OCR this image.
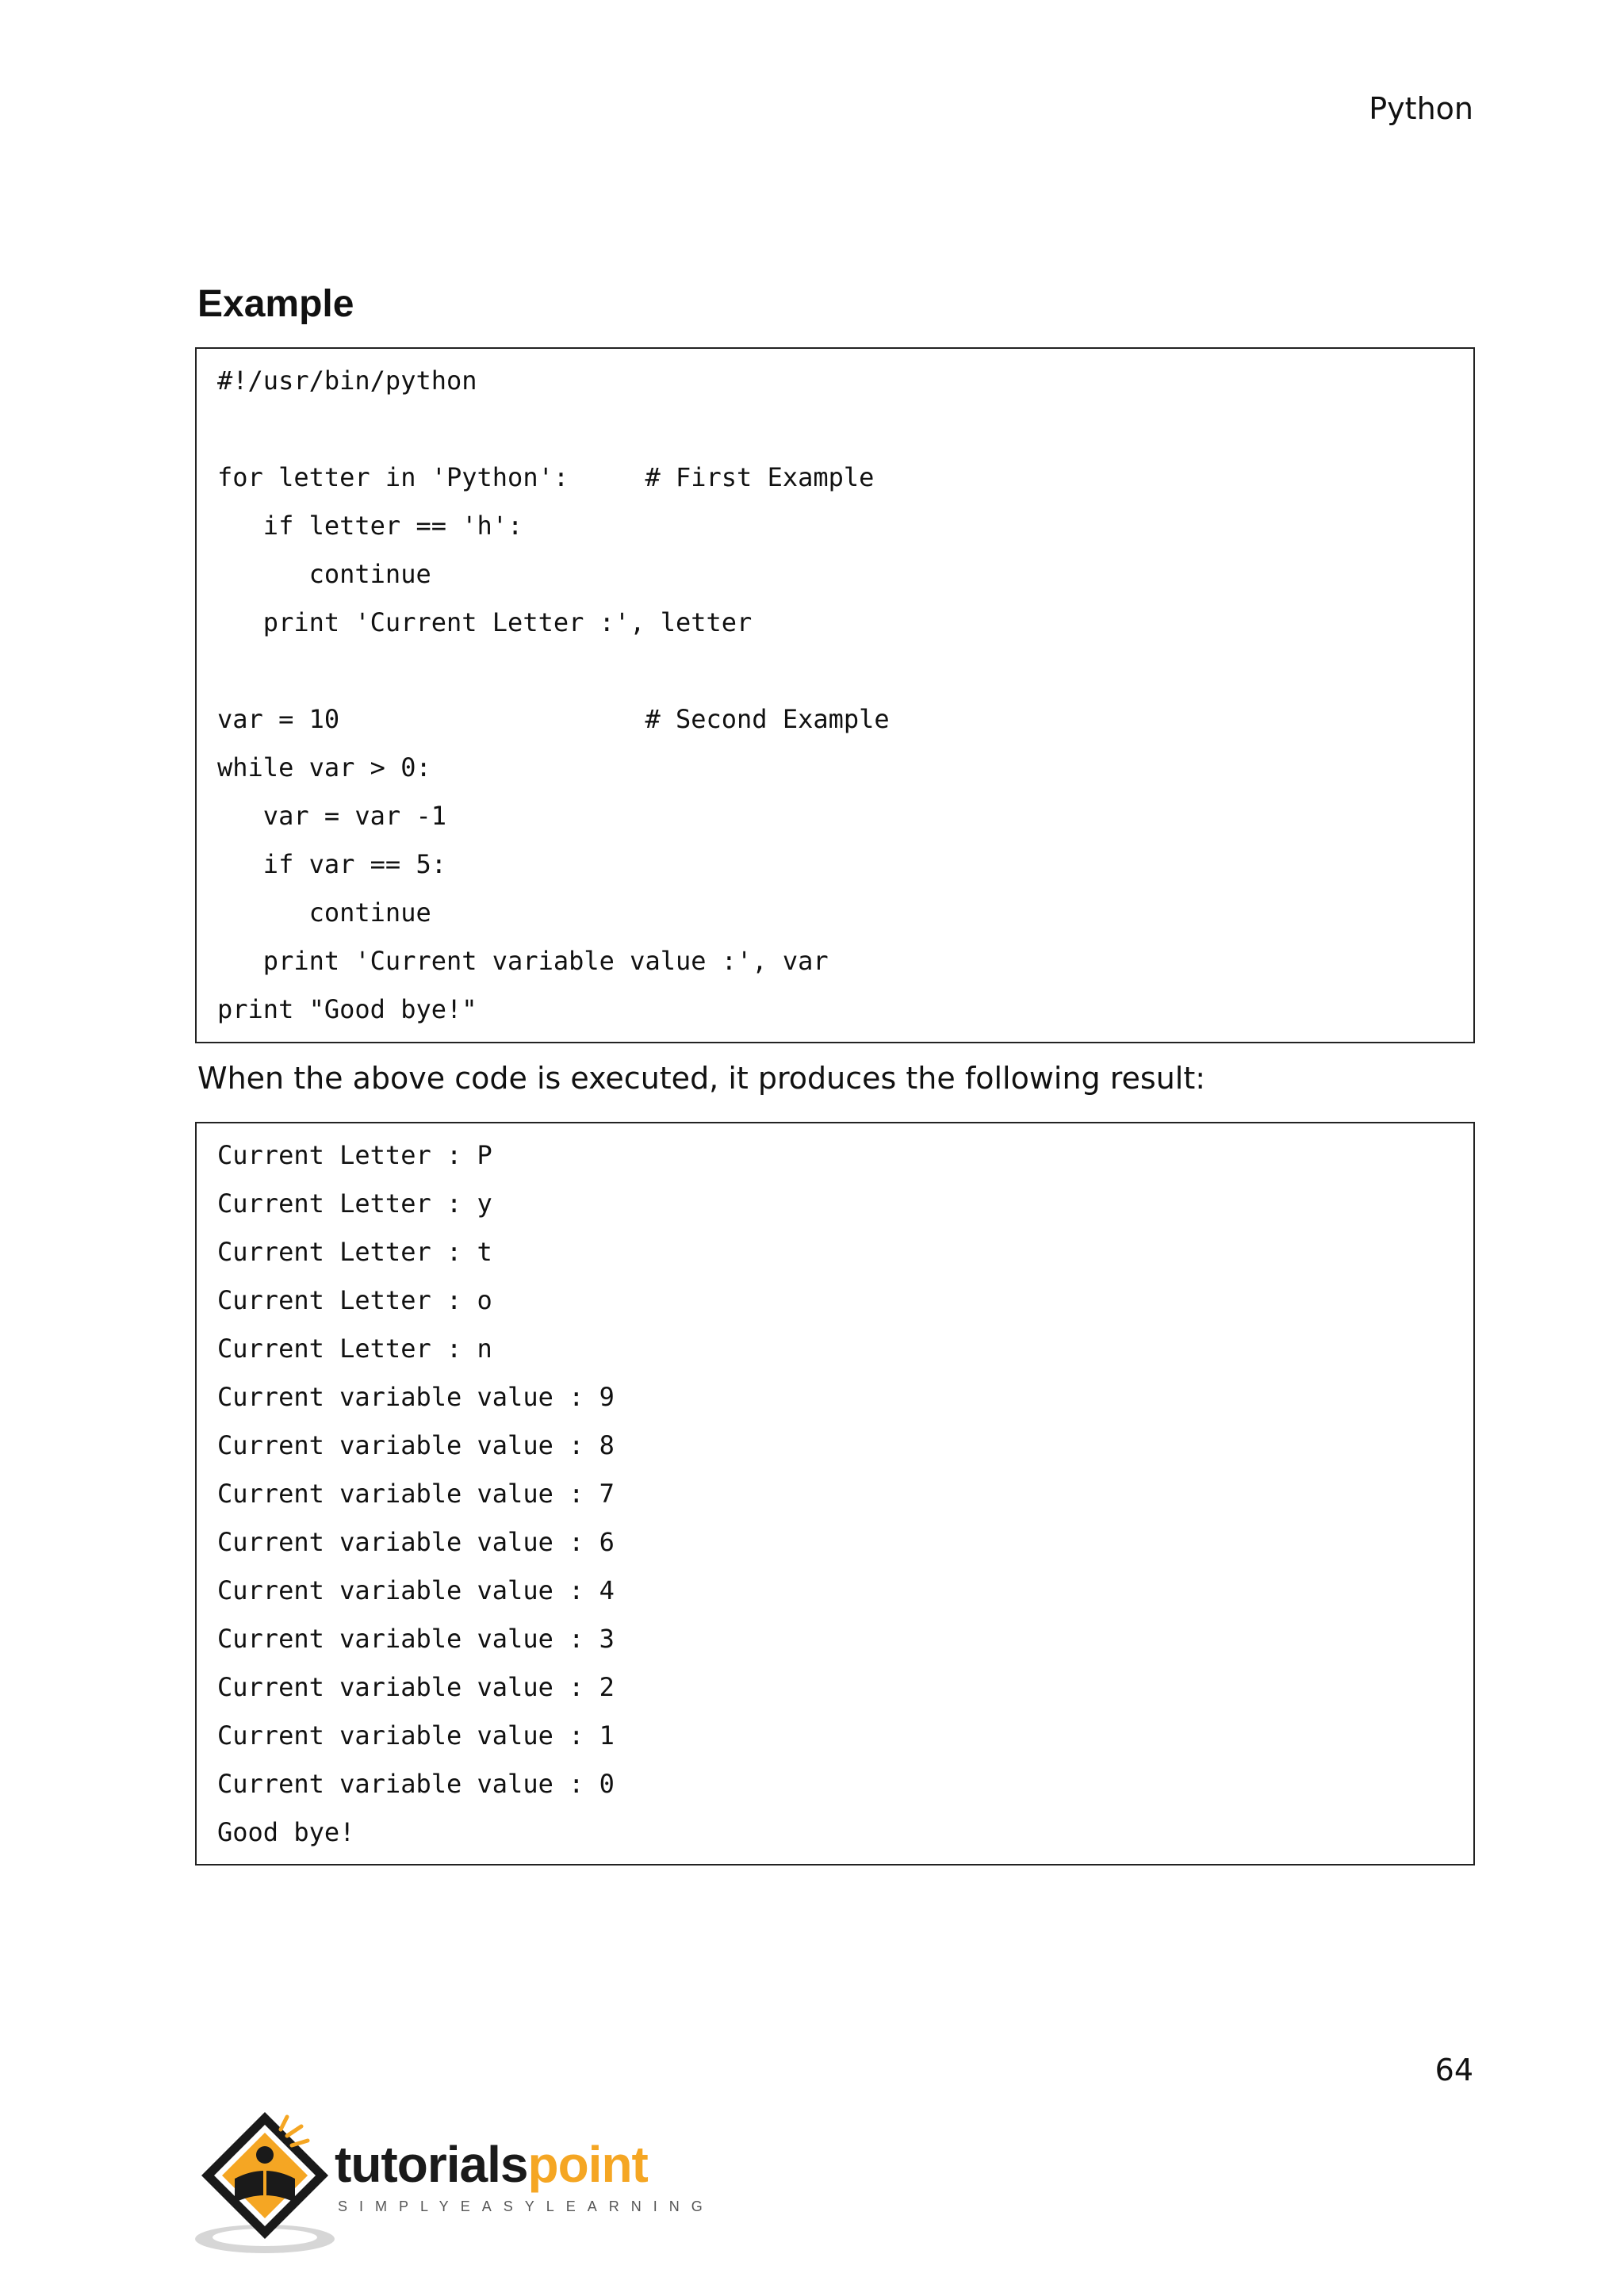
Python
Example
#!/usr/bin/python
for letter in 'Python':     # First Example
if letter == 'h':
continue
print 'Current Letter :', letter
var = 10                    # Second Example
while var > 0:
var = var -1
if var == 5:
continue
print 'Current variable value :', var
print "Good bye!"
When the above code is executed, it produces the following result:
Current Letter : P
Current Letter : y
Current Letter : t
Current Letter : o
Current Letter : n
Current variable value : 9
Current variable value : 8
Current variable value : 7
Current variable value : 6
Current variable value : 4
Current variable value : 3
Current variable value : 2
Current variable value : 1
Current variable value : 0
Good bye!
64
tutorialspoint
SIMPLYEASYLEARNING
